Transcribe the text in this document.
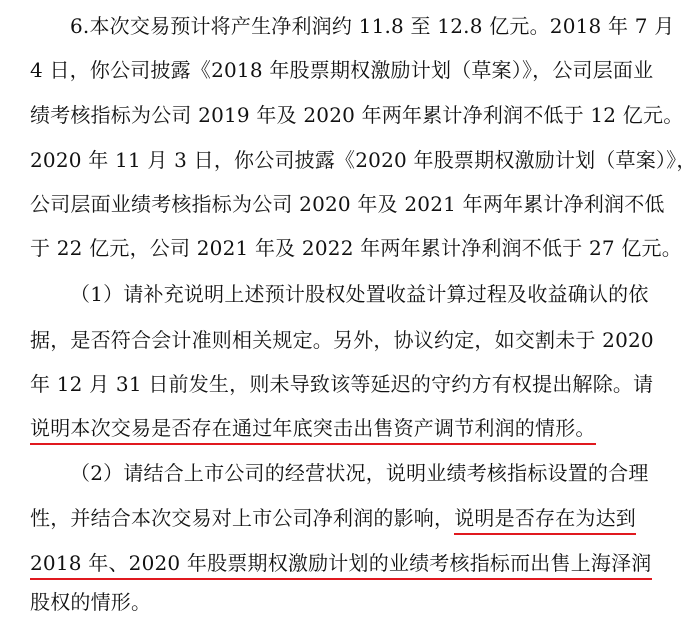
6.本次交易预计将产生净利润约 11.8 至 12.8 亿元。2018 年 7 月
4 日，你公司披露《2018 年股票期权激励计划（草案）》，公司层面业
绩考核指标为公司 2019 年及 2020 年两年累计净利润不低于 12 亿元。
2020 年 11 月 3 日，你公司披露《2020 年股票期权激励计划（草案）》，
公司层面业绩考核指标为公司 2020 年及 2021 年两年累计净利润不低
于 22 亿元，公司 2021 年及 2022 年两年累计净利润不低于 27 亿元。
（1）请补充说明上述预计股权处置收益计算过程及收益确认的依
据，是否符合会计准则相关规定。另外，协议约定，如交割未于 2020
年 12 月 31 日前发生，则未导致该等延迟的守约方有权提出解除。请
说明本次交易是否存在通过年底突击出售资产调节利润的情形。
（2）请结合上市公司的经营状况，说明业绩考核指标设置的合理
性，并结合本次交易对上市公司净利润的影响，说明是否存在为达到
2018 年、2020 年股票期权激励计划的业绩考核指标而出售上海泽润
股权的情形。
